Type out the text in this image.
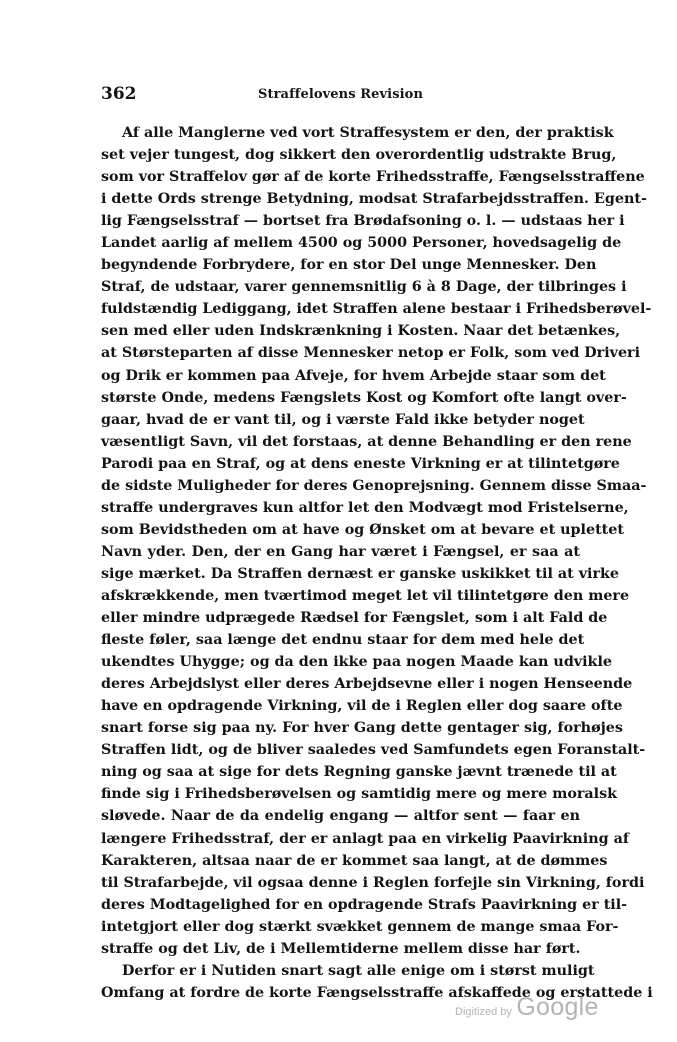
362	Straffelovens Revision
Af alle Manglerne ved vort Straffesystem er den, der praktisk
set vejer tungest, dog sikkert den overordentlig udstrakte Brug,
som vor Straffelov gør af de korte Frihedsstraffe, Fængselsstraffene
i dette Ords strenge Betydning, modsat Strafarbejdsstraffen. Egent-
lig Fængselsstraf — bortset fra Brødafsoning o. l. — udstaas her i
Landet aarlig af mellem 4500 og 5000 Personer, hovedsagelig de
begyndende Forbrydere, for en stor Del unge Mennesker. Den
Straf, de udstaar, varer gennemsnitlig 6 à 8 Dage, der tilbringes i
fuldstændig Lediggang, idet Straffen alene bestaar i Frihedsberøvel-
sen med eller uden Indskrænkning i Kosten. Naar det betænkes,
at Størsteparten af disse Mennesker netop er Folk, som ved Driveri
og Drik er kommen paa Afveje, for hvem Arbejde staar som det
største Onde, medens Fængslets Kost og Komfort ofte langt over-
gaar, hvad de er vant til, og i værste Fald ikke betyder noget
væsentligt Savn, vil det forstaas, at denne Behandling er den rene
Parodi paa en Straf, og at dens eneste Virkning er at tilintetgøre
de sidste Muligheder for deres Genoprejsning. Gennem disse Smaa-
straffe undergraves kun altfor let den Modvægt mod Fristelserne,
som Bevidstheden om at have og Ønsket om at bevare et uplettet
Navn yder. Den, der en Gang har været i Fængsel, er saa at
sige mærket. Da Straffen dernæst er ganske uskikket til at virke
afskrækkende, men tværtimod meget let vil tilintetgøre den mere
eller mindre udprægede Rædsel for Fængslet, som i alt Fald de
fleste føler, saa længe det endnu staar for dem med hele det
ukendtes Uhygge; og da den ikke paa nogen Maade kan udvikle
deres Arbejdslyst eller deres Arbejdsevne eller i nogen Henseende
have en opdragende Virkning, vil de i Reglen eller dog saare ofte
snart forse sig paa ny. For hver Gang dette gentager sig, forhøjes
Straffen lidt, og de bliver saaledes ved Samfundets egen Foranstalt-
ning og saa at sige for dets Regning ganske jævnt trænede til at
finde sig i Frihedsberøvelsen og samtidig mere og mere moralsk
sløvede. Naar de da endelig engang — altfor sent — faar en
længere Frihedsstraf, der er anlagt paa en virkelig Paavirkning af
Karakteren, altsaa naar de er kommet saa langt, at de dømmes
til Strafarbejde, vil ogsaa denne i Reglen forfejle sin Virkning, fordi
deres Modtagelighed for en opdragende Strafs Paavirkning er til-
intetgjort eller dog stærkt svækket gennem de mange smaa For-
straffe og det Liv, de i Mellemtiderne mellem disse har ført.
Derfor er i Nutiden snart sagt alle enige om i størst muligt
Omfang at fordre de korte Fængselsstraffe afskaffede og erstattede i
Digitized by Google
